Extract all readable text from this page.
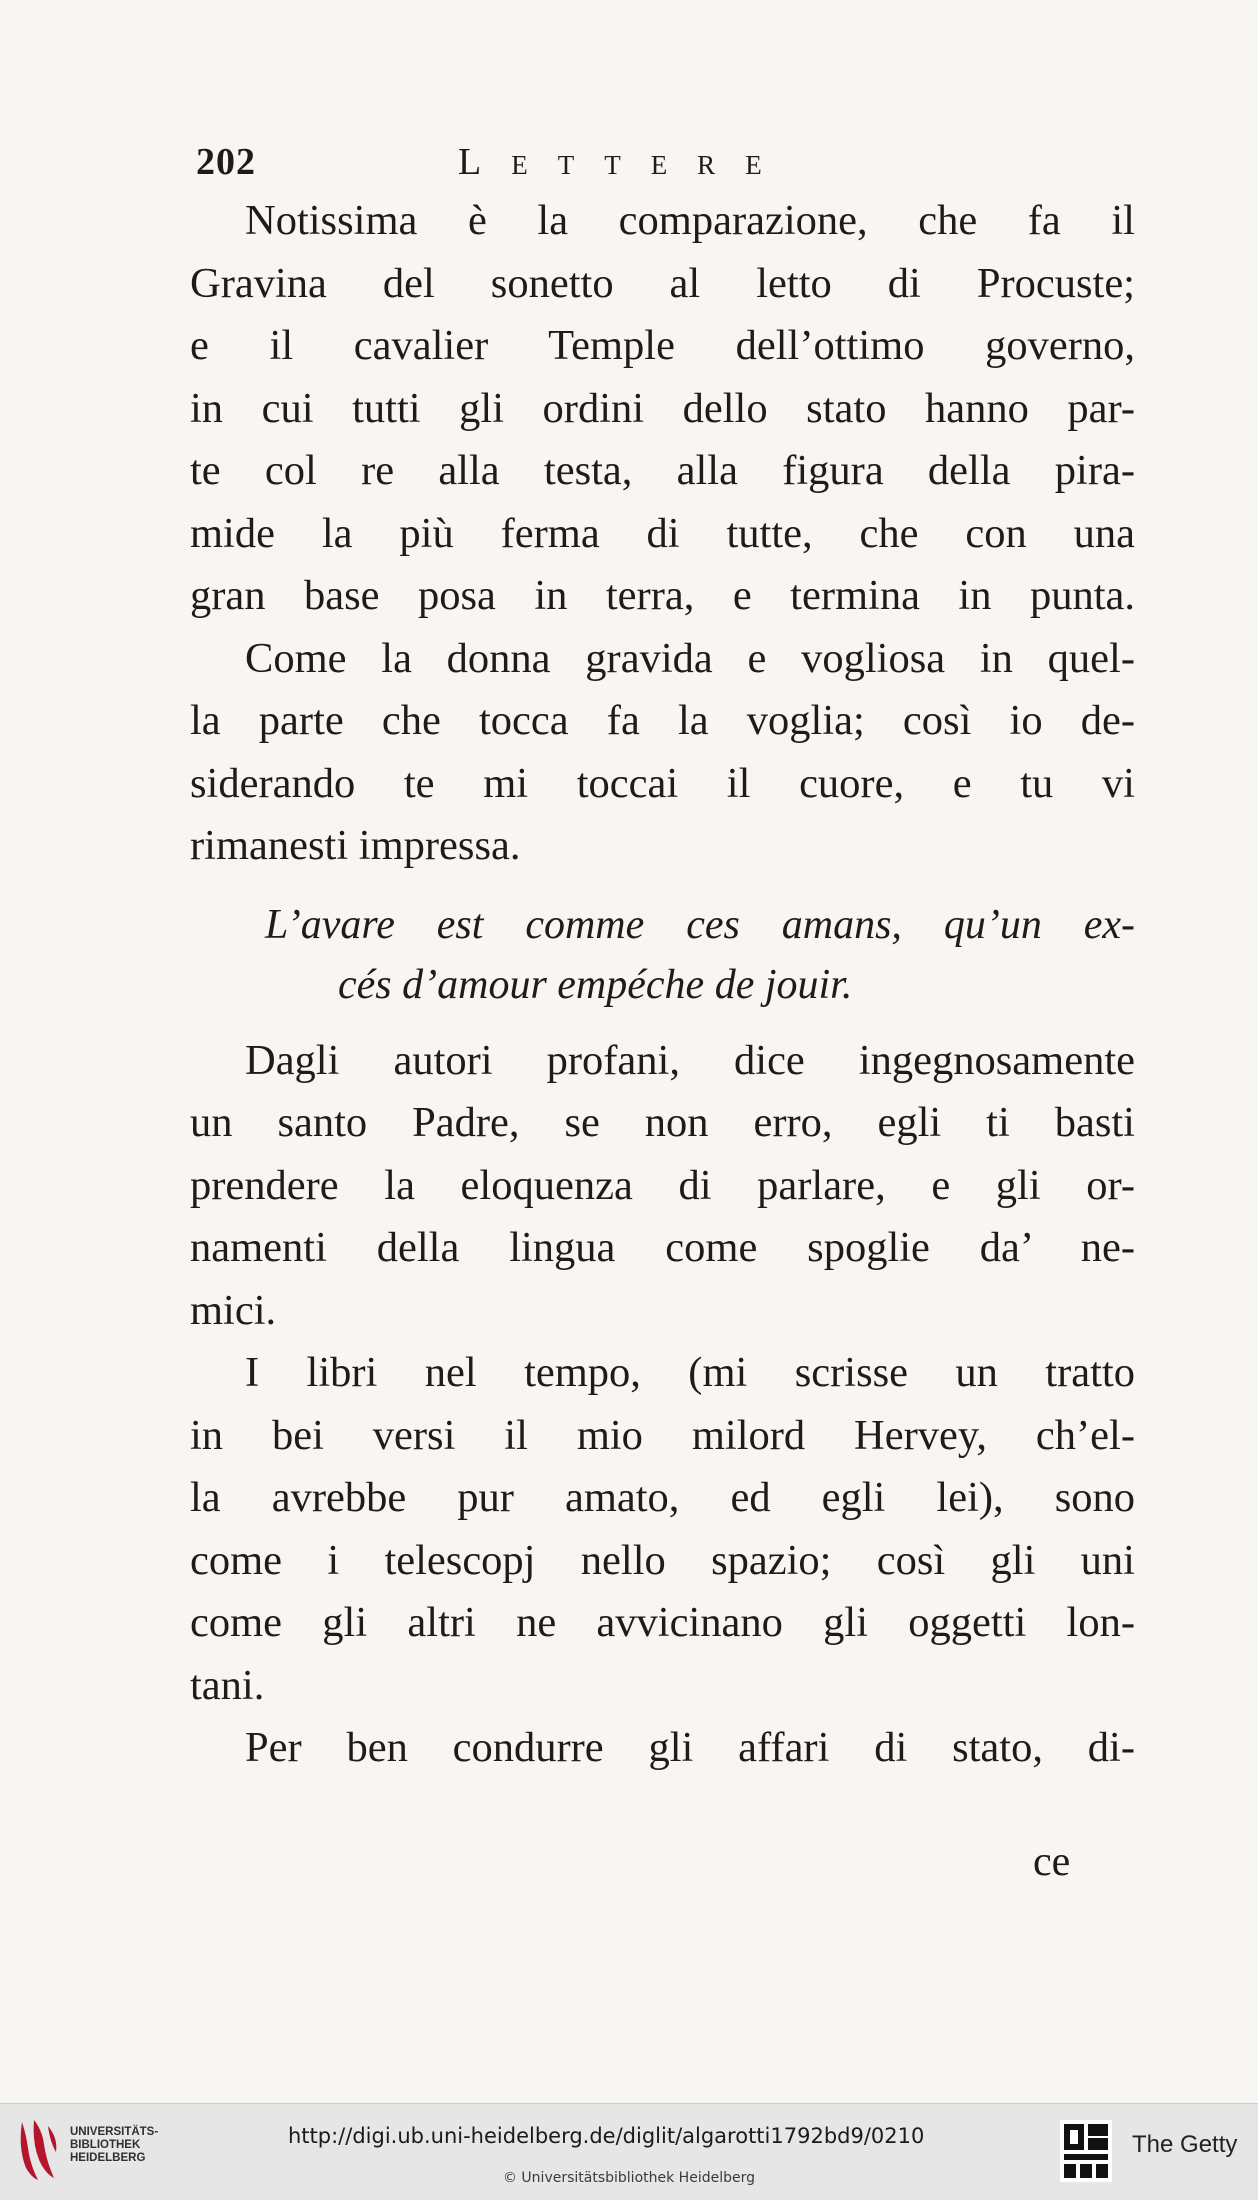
202	Lettere
Notissima è la comparazione, che fa il
Gravina del sonetto al letto di Procuste;
e il cavalier Temple dell’ottimo governo,
in cui tutti gli ordini dello stato hanno par-
te col re alla testa, alla figura della pira-
mide la più ferma di tutte, che con una
gran base posa in terra, e termina in punta.
Come la donna gravida e vogliosa in quel-
la parte che tocca fa la voglia; così io de-
siderando te mi toccai il cuore, e tu vi
rimanesti impressa.
L’avare est comme ces amans, qu’un ex-
cés d’amour empéche de jouir.
Dagli autori profani, dice ingegnosamente
un santo Padre, se non erro, egli ti basti
prendere la eloquenza di parlare, e gli or-
namenti della lingua come spoglie da’ ne-
mici.
I libri nel tempo, (mi scrisse un tratto
in bei versi il mio milord Hervey, ch’el-
la avrebbe pur amato, ed egli lei), sono
come i telescopj nello spazio; così gli uni
come gli altri ne avvicinano gli oggetti lon-
tani.
Per ben condurre gli affari di stato, di-
ce
UNIVERSITÄTS-
BIBLIOTHEK
HEIDELBERG
http://digi.ub.uni-heidelberg.de/diglit/algarotti1792bd9/0210
© Universitätsbibliothek Heidelberg
The Getty
